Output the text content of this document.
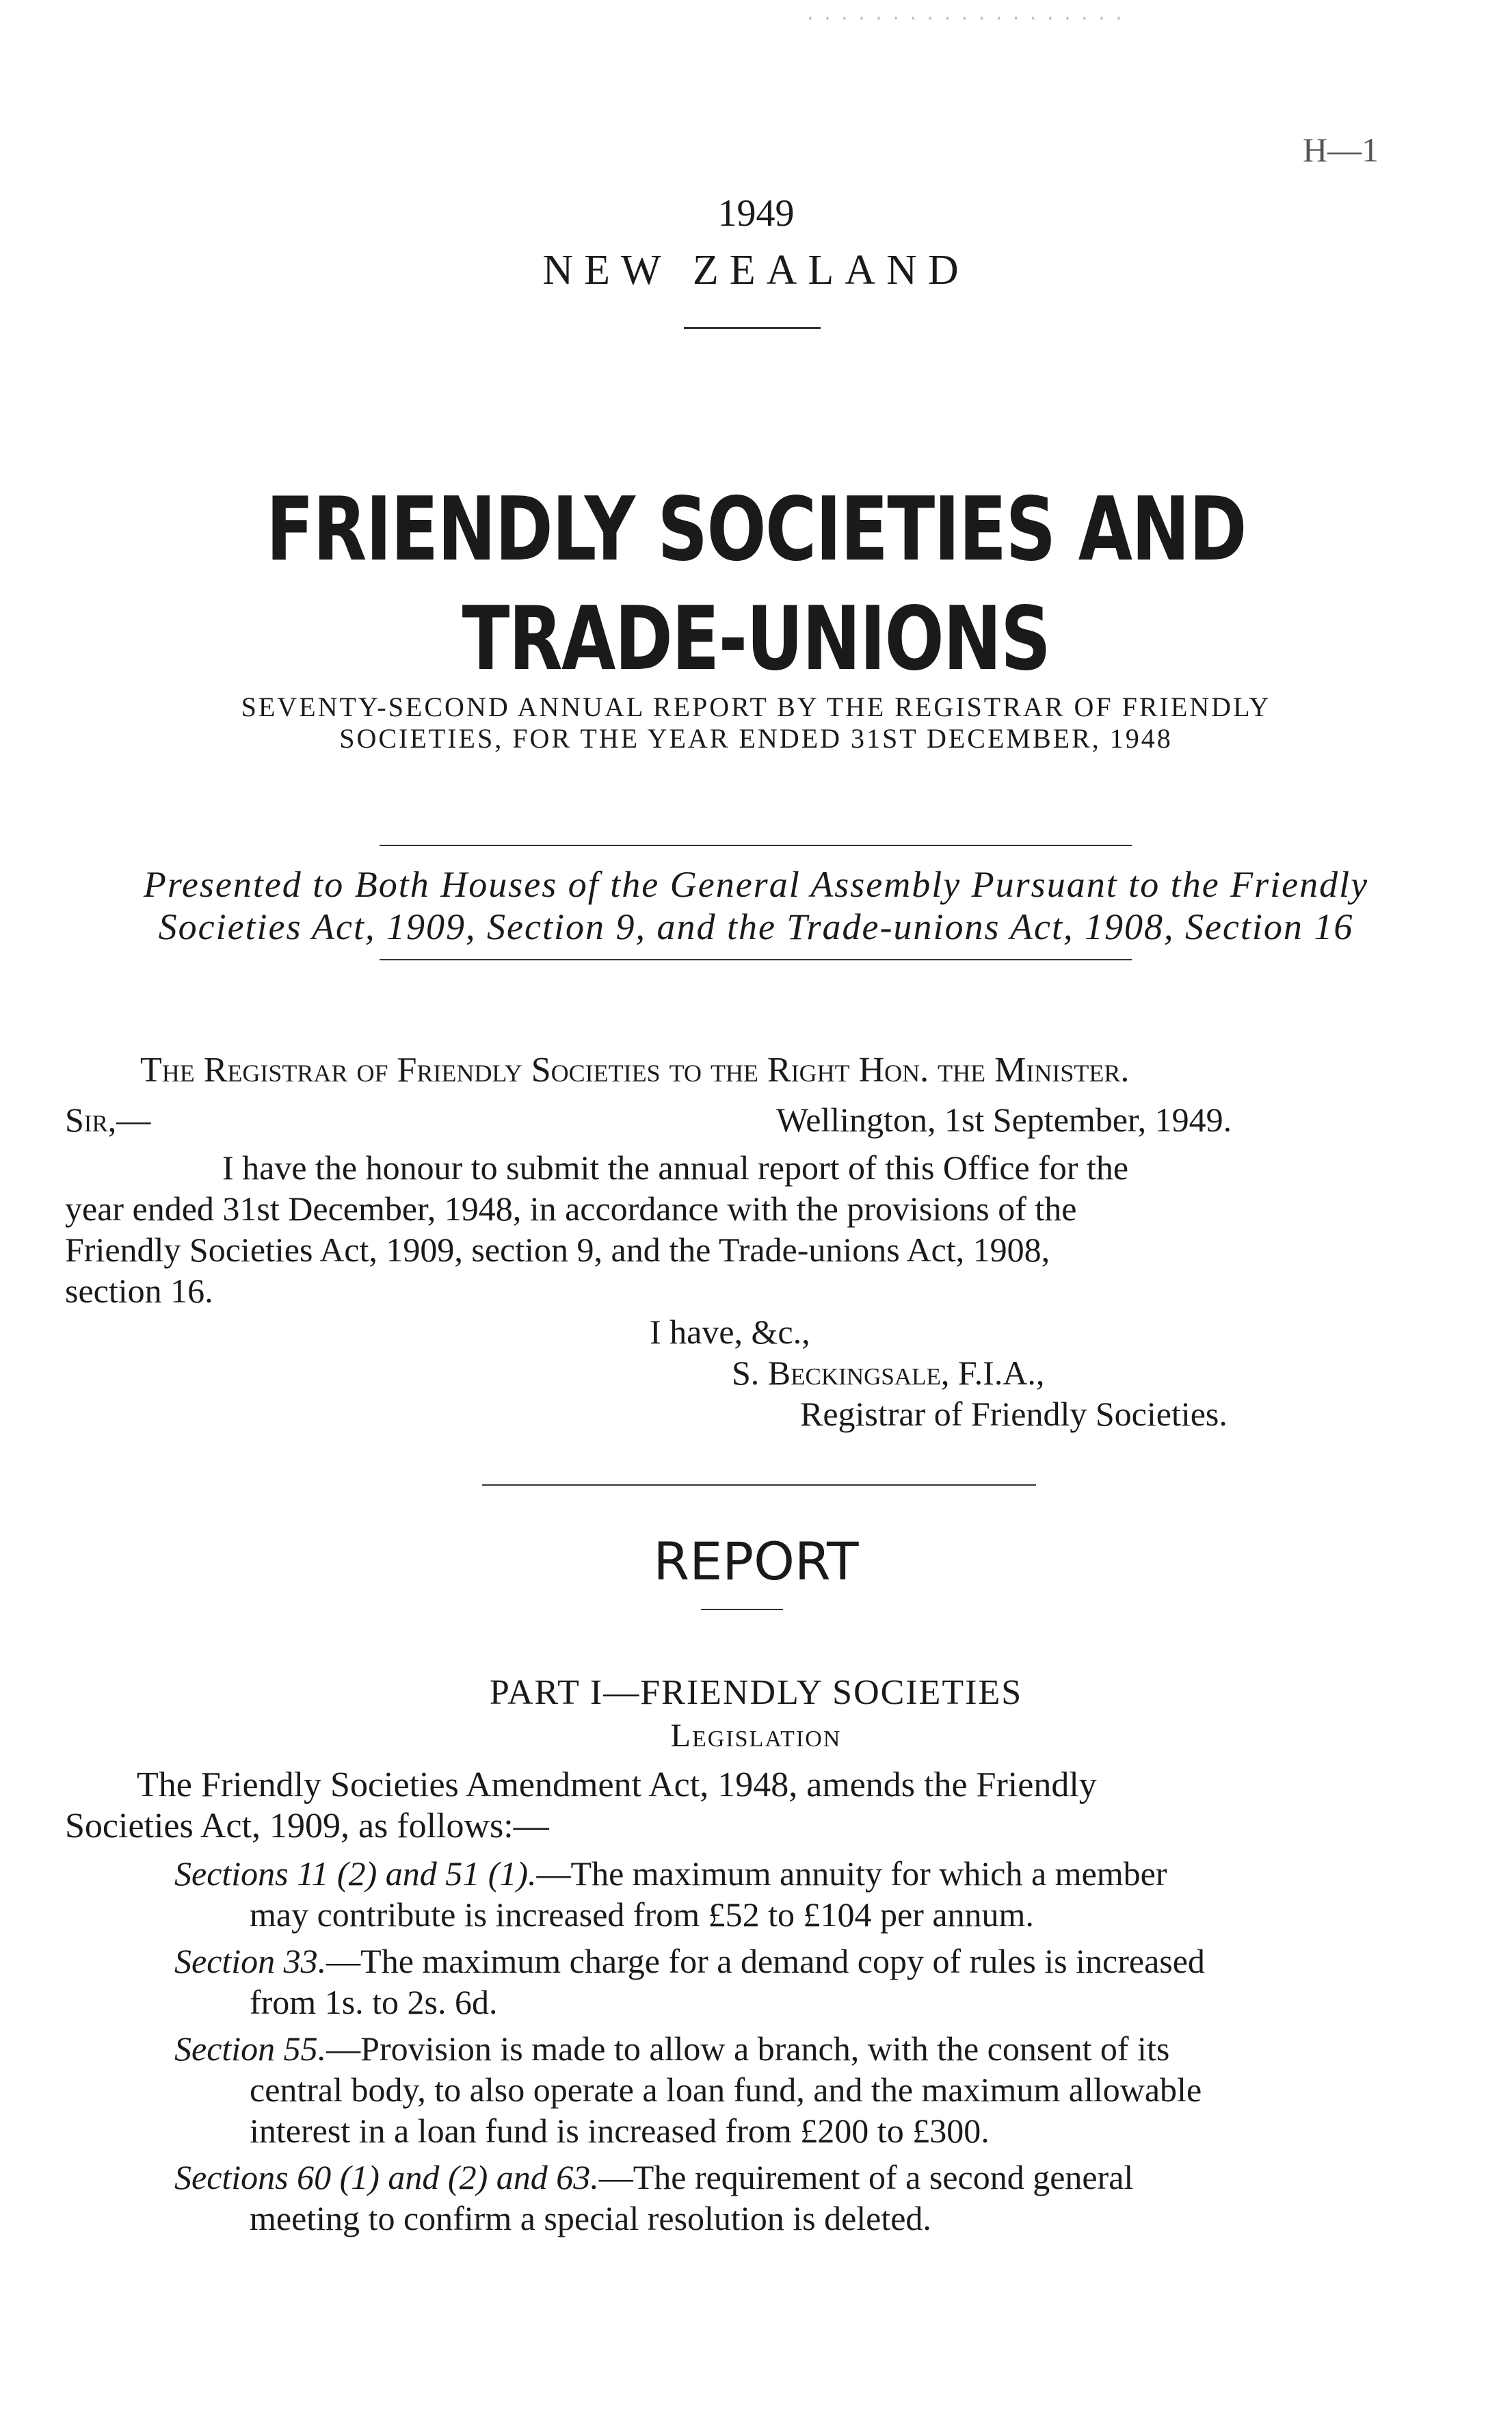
· · · · · · · · · · · · · · · · · · ·
H—1
1949
NEW ZEALAND
FRIENDLY SOCIETIES AND
TRADE-UNIONS
SEVENTY-SECOND ANNUAL REPORT BY THE REGISTRAR OF FRIENDLY
SOCIETIES, FOR THE YEAR ENDED 31ST DECEMBER, 1948
Presented to Both Houses of the General Assembly Pursuant to the Friendly
Societies Act, 1909, Section 9, and the Trade-unions Act, 1908, Section 16
The Registrar of Friendly Societies to the Right Hon. the Minister.
Sir,—	Wellington, 1st September, 1949.
I have the honour to submit the annual report of this Office for the
year ended 31st December, 1948, in accordance with the provisions of the
Friendly Societies Act, 1909, section 9, and the Trade-unions Act, 1908,
section 16.
I have, &c.,
S. Beckingsale, F.I.A.,
Registrar of Friendly Societies.
REPORT
PART I—FRIENDLY SOCIETIES
Legislation
The Friendly Societies Amendment Act, 1948, amends the Friendly
Societies Act, 1909, as follows:—
Sections 11 (2) and 51 (1).—The maximum annuity for which a member
may contribute is increased from £52 to £104 per annum.
Section 33.—The maximum charge for a demand copy of rules is increased
from 1s. to 2s. 6d.
Section 55.—Provision is made to allow a branch, with the consent of its
central body, to also operate a loan fund, and the maximum allowable
interest in a loan fund is increased from £200 to £300.
Sections 60 (1) and (2) and 63.—The requirement of a second general
meeting to confirm a special resolution is deleted.
